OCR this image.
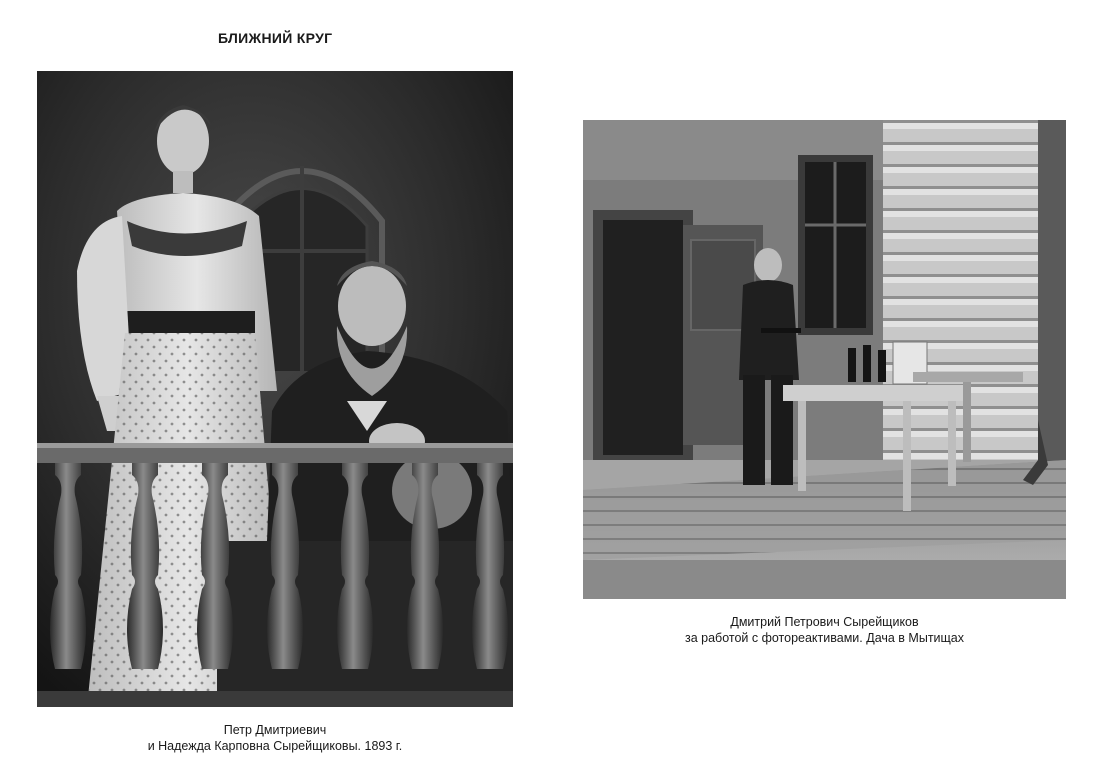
БЛИЖНИЙ КРУГ
Дмитрий Петрович Сырейщиков
за работой с фотореактивами. Дача в Мытищах
Петр Дмитриевич
и Надежда Карповна Сырейщиковы. 1893 г.
